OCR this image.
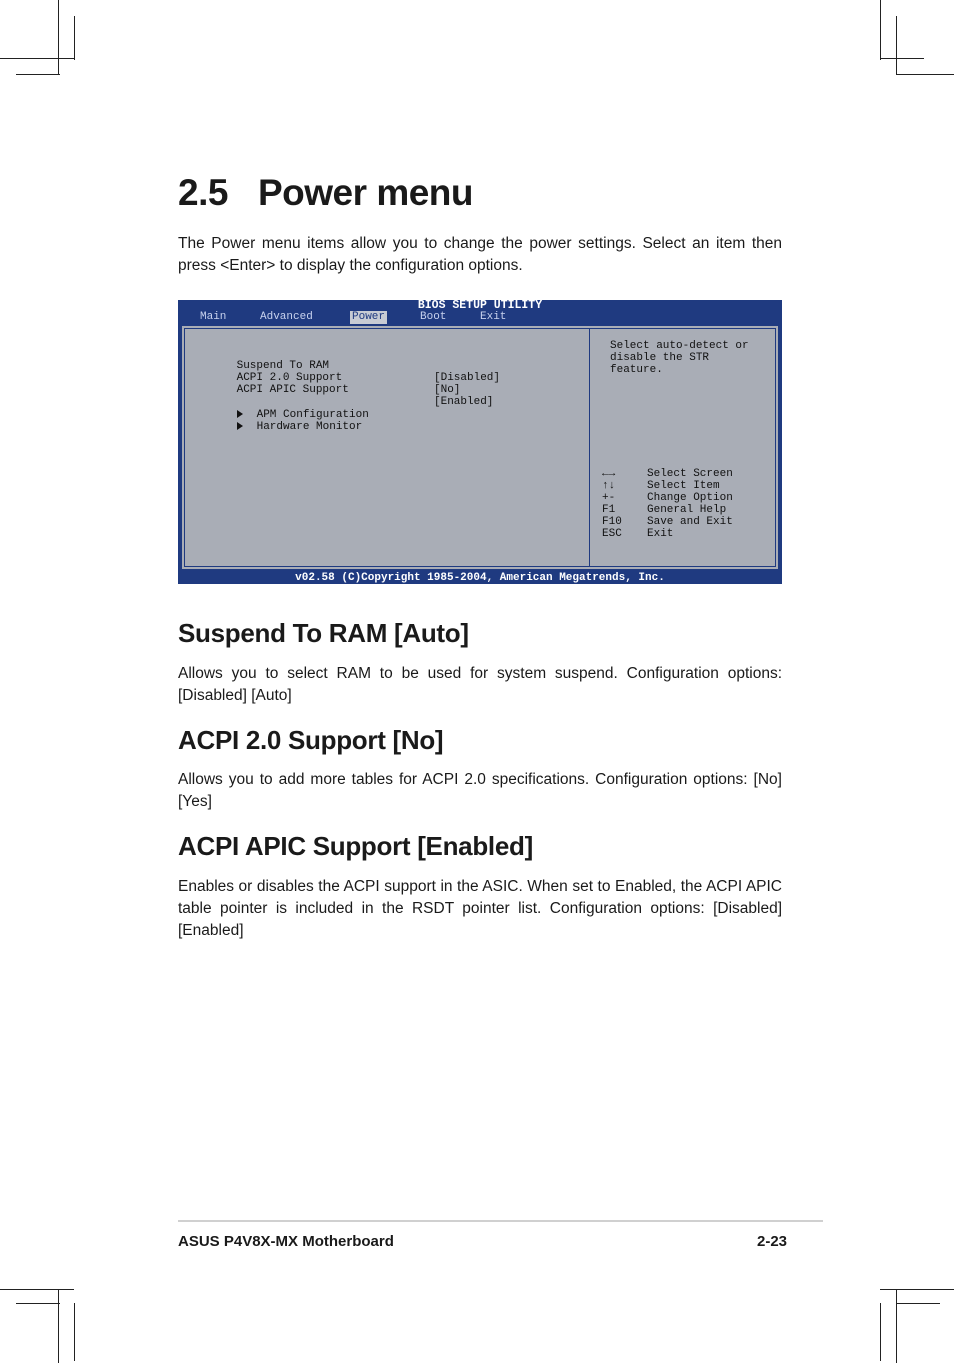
2.5 Power menu

The Power menu items allow you to change the power settings. Select an item then press <Enter> to display the configuration options.

BIOS SETUP UTILITY
Main	Advanced	Power	Boot	Exit

Suspend To RAM

[Disabled]

ACPI 2.0 Support

[No]

ACPI APIC Support

[Enabled]

APM Configuration

Hardware Monitor

Select auto-detect or
disable the STR
feature.
←→	Select Screen
↑↓	Select Item
+-	Change Option
F1	General Help
F10 Save and Exit
ESC Exit
v02.58 (C)Copyright 1985-2004, American Megatrends, Inc.
Suspend To RAM [Auto]

Allows you to select RAM to be used for system suspend. Configuration options: [Disabled] [Auto]

ACPI 2.0 Support [No]

Allows you to add more tables for ACPI 2.0 specifications. Configuration options: [No] [Yes]

ACPI APIC Support [Enabled]

Enables or disables the ACPI support in the ASIC. When set to Enabled, the ACPI APIC table pointer is included in the RSDT pointer list. Configuration options: [Disabled] [Enabled]

ASUS P4V8X-MX Motherboard	2-23
